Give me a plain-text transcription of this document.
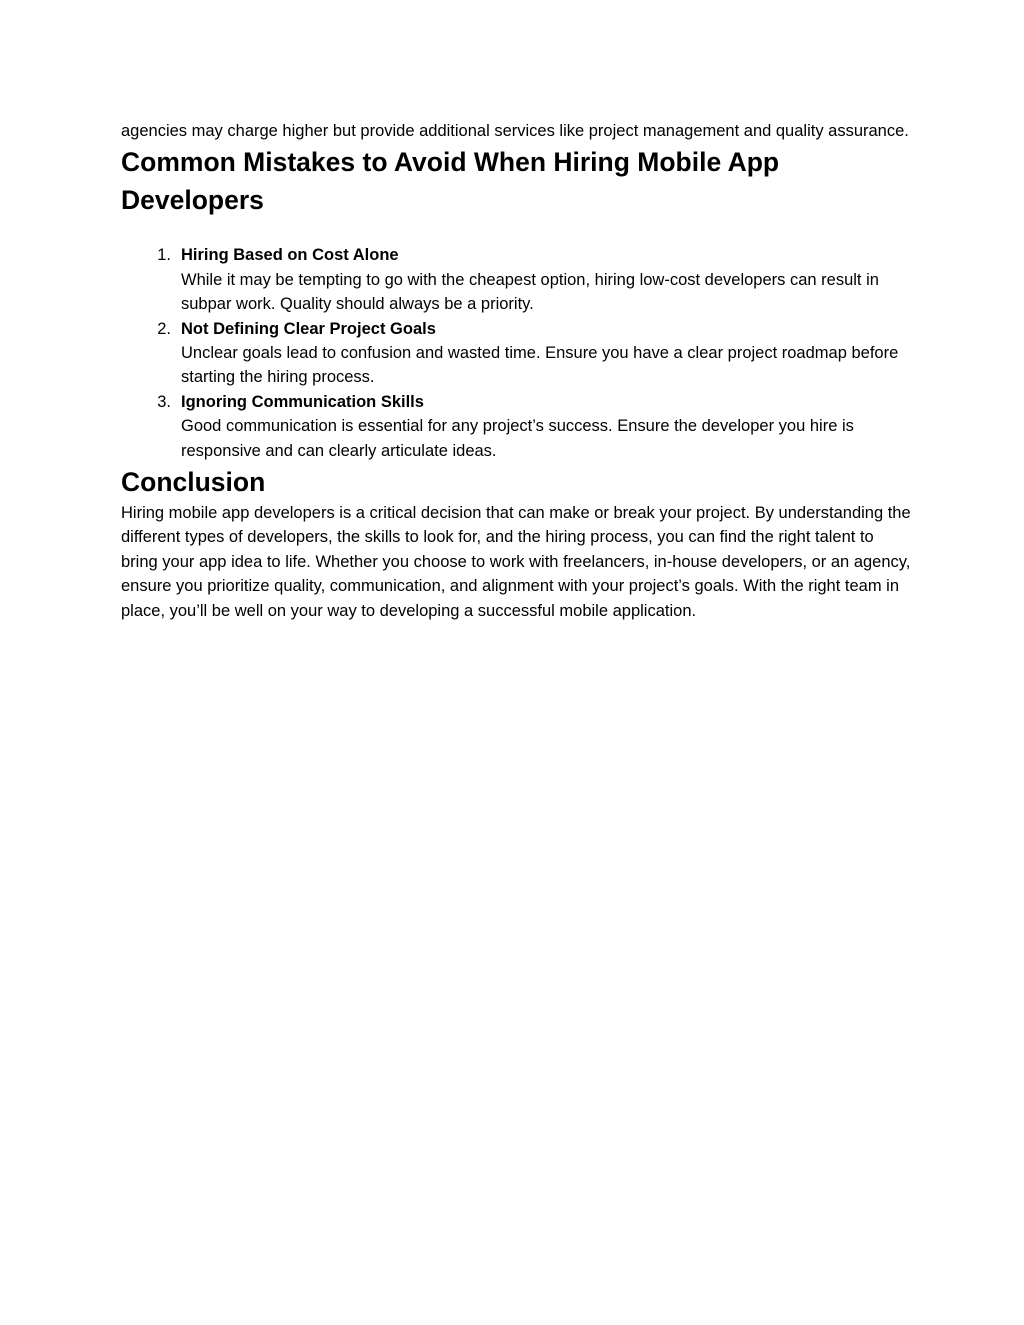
agencies may charge higher but provide additional services like project management and quality assurance.

Common Mistakes to Avoid When Hiring Mobile App Developers
1. Hiring Based on Cost Alone
While it may be tempting to go with the cheapest option, hiring low-cost developers can result in subpar work. Quality should always be a priority.
2. Not Defining Clear Project Goals
Unclear goals lead to confusion and wasted time. Ensure you have a clear project roadmap before starting the hiring process.
3. Ignoring Communication Skills
Good communication is essential for any project’s success. Ensure the developer you hire is responsive and can clearly articulate ideas.
Conclusion

Hiring mobile app developers is a critical decision that can make or break your project. By understanding the different types of developers, the skills to look for, and the hiring process, you can find the right talent to bring your app idea to life. Whether you choose to work with freelancers, in-house developers, or an agency, ensure you prioritize quality, communication, and alignment with your project’s goals. With the right team in place, you’ll be well on your way to developing a successful mobile application.
